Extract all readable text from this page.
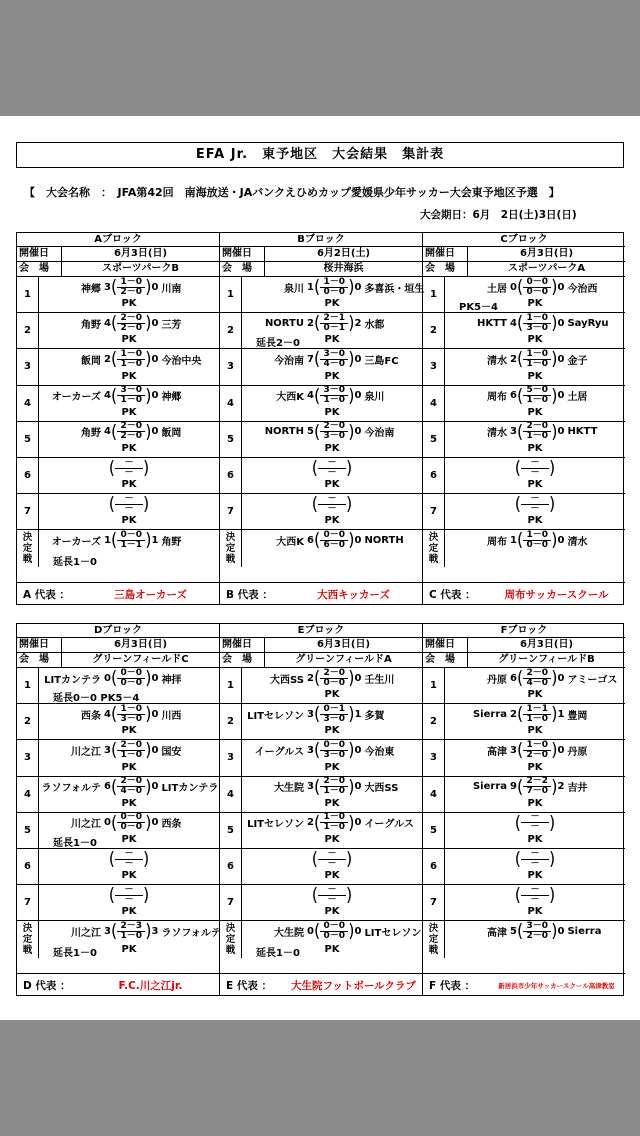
EFA Jr.　東予地区　大会結果　集計表
【　大会名称　：　JFA第42回　南海放送・JAバンクえひめカップ愛媛県少年サッカー大会東予地区予選　】
大会期日：6月　2日(土)3日(日)
Aブロック
開催日	6月3日(日)
会　場	スポーツパークB
1
神郷 3 ( 1－0
2－0 ) 0 川南
PK
2
角野 4 ( 2－0
2－0 ) 0 三芳
PK
3
飯岡 2 ( 1－0
1－0 ) 0 今治中央
PK
4
オーカーズ 4 ( 3－0
1－0 ) 0 神郷
PK
5
角野 4 ( 2－0
2－0 ) 0 飯岡
PK
6	(	－
－ )
PK
7	(	－
－ )
PK
決
定
戦
オーカーズ 1 ( 0－0
1－1 ) 1 角野
延長1－0
A 代表 ：	三島オーカーズ
Bブロック
開催日	6月2日(土)
会　場	桜井海浜
1
泉川 1 ( 1－0
0－0 ) 0 多喜浜・垣生
PK
2
NORTU 2 ( 2－1
0－1 ) 2 水都
延長2－0	PK
3
今治南 7 ( 3－0
4－0 ) 0 三島FC
PK
4
大西K 4 ( 3－0
1－0 ) 0 泉川
PK
5
NORTH 5 ( 2－0
3－0 ) 0 今治南
PK
6	(	－
－ )
PK
7	(	－
－ )
PK
決
定
戦
大西K 6 ( 0－0
6－0 ) 0 NORTH
B 代表 ：	大西キッカーズ
Cブロック
開催日	6月3日(日)
会　場	スポーツパークA
1
土居 0 ( 0－0
0－0 ) 0 今治西
PK5－4	PK
2
HKTT 4 ( 1－0
3－0 ) 0 SayRyu
PK
3
清水 2 ( 1－0
1－0 ) 0 金子
PK
4
周布 6 ( 5－0
1－0 ) 0 土居
PK
5
清水 3 ( 2－0
1－0 ) 0 HKTT
PK
6	(	－
－ )
PK
7	(	－
－ )
PK
決
定
戦
周布 1 ( 1－0
0－0 ) 0 清水
C 代表 ：	周布サッカースクール
Dブロック
開催日	6月3日(日)
会　場	グリーンフィールドC
1
LITカンテラ 0 ( 0－0
0－0 ) 0 神拝
延長0－0 PK5－4
2
西条 4 ( 1－0
3－0 ) 0 川西
PK
3
川之江 3 ( 2－0
1－0 ) 0 国安
PK
4
ラソフォルテ 6 ( 2－0
4－0 ) 0 LITカンテラ
PK
5
川之江 0 ( 0－0
0－0 ) 0 西条
延長1－0	PK
6	(	－
－ )
PK
7	(	－
－ )
PK
決
定
戦
川之江 3 ( 2－3
1－0 ) 3 ラソフォルテ
延長1－0	PK
D 代表 ：	F.C.川之江jr.
Eブロック
開催日	6月3日(日)
会　場	グリーンフィールドA
1
大西SS 2 ( 2－0
0－0 ) 0 壬生川
PK
2
LITセレソン 3 ( 0－1
3－0 ) 1 多賀
PK
3
イーグルス 3 ( 0－0
3－0 ) 0 今治東
PK
4
大生院 3 ( 2－0
1－0 ) 0 大西SS
PK
5
LITセレソン 2 ( 1－0
1－0 ) 0 イーグルス
PK
6	(	－
－ )
PK
7	(	－
－ )
PK
決
定
戦
大生院 0 ( 0－0
0－0 ) 0 LITセレソン
延長1－0	PK
E 代表 ：	大生院フットボールクラブ
Fブロック
開催日	6月3日(日)
会　場	グリーンフィールドB
1
丹原 6 ( 2－0
4－0 ) 0 アミーゴス
PK
2
Sierra 2 ( 1－1
1－0 ) 1 豊岡
PK
3
高津 3 ( 1－0
2－0 ) 0 丹原
PK
4
Sierra 9 ( 2－2
7－0 ) 2 吉井
PK
5	(	－
－ )
PK
6	(	－
－ )
PK
7	(	－
－ )
PK
決
定
戦
高津 5 ( 3－0
2－0 ) 0 Sierra
F 代表 ：	新居浜市少年サッカースクール高津教室
